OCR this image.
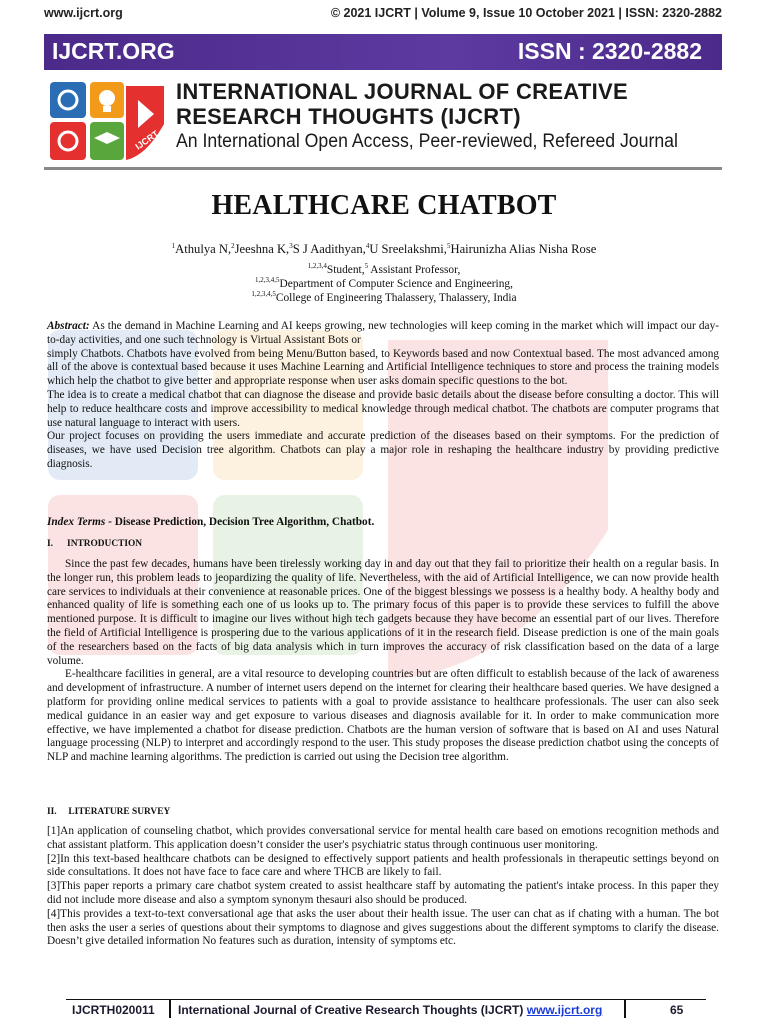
www.ijcrt.org	© 2021 IJCRT | Volume 9, Issue 10 October 2021 | ISSN: 2320-2882
IJCRT.ORG	ISSN : 2320-2882
IJCRT
INTERNATIONAL JOURNAL OF CREATIVE
RESEARCH THOUGHTS (IJCRT)
An International Open Access, Peer-reviewed, Refereed Journal
HEALTHCARE CHATBOT
$^1$Athulya N,$^2$Jeeshna K,$^3$S J Aadithyan,$^4$U Sreelakshmi,$^5$Hairunizha Alias Nisha Rose
$^{1,2,3,4}$Student,$^5$ Assistant Professor,
$^{1,2,3,4,5}$Department of Computer Science and Engineering,
$^{1,2,3,4,5}$College of Engineering Thalassery, Thalassery, India

Abstract: As the demand in Machine Learning and AI keeps growing, new technologies will keep coming in the market which will impact our day-to-day activities, and one such technology is Virtual Assistant Bots or

simply Chatbots. Chatbots have evolved from being Menu/Button based, to Keywords based and now Contextual based. The most advanced among all of the above is contextual based because it uses Machine Learning and Artificial Intelligence techniques to store and process the training models which help the chatbot to give better and appropriate response when user asks domain specific questions to the bot.

The idea is to create a medical chatbot that can diagnose the disease and provide basic details about the disease before consulting a doctor. This will help to reduce healthcare costs and improve accessibility to medical knowledge through medical chatbot. The chatbots are computer programs that use natural language to interact with users.

Our project focuses on providing the users immediate and accurate prediction of the diseases based on their symptoms. For the prediction of diseases, we have used Decision tree algorithm. Chatbots can play a major role in reshaping the healthcare industry by providing predictive diagnosis.

Index Terms - Disease Prediction, Decision Tree Algorithm, Chatbot.
I.      INTRODUCTION

Since the past few decades, humans have been tirelessly working day in and day out that they fail to prioritize their health on a regular basis. In the longer run, this problem leads to jeopardizing the quality of life. Nevertheless, with the aid of Artificial Intelligence, we can now provide health care services to individuals at their convenience at reasonable prices. One of the biggest blessings we possess is a healthy body. A healthy body and enhanced quality of life is something each one of us looks up to. The primary focus of this paper is to provide these services to fulfill the above mentioned purpose. It is difficult to imagine our lives without high tech gadgets because they have become an essential part of our lives. Therefore the field of Artificial Intelligence is prospering due to the various applications of it in the research field. Disease prediction is one of the main goals of the researchers based on the facts of big data analysis which in turn improves the accuracy of risk classification based on the data of a large volume.

E-healthcare facilities in general, are a vital resource to developing countries but are often difficult to establish because of the lack of awareness and development of infrastructure. A number of internet users depend on the internet for clearing their healthcare based queries. We have designed a platform for providing online medical services to patients with a goal to provide assistance to healthcare professionals. The user can also seek medical guidance in an easier way and get exposure to various diseases and diagnosis available for it. In order to make communication more effective, we have implemented a chatbot for disease prediction. Chatbots are the human version of software that is based on AI and uses Natural language processing (NLP) to interpret and accordingly respond to the user. This study proposes the disease prediction chatbot using the concepts of NLP and machine learning algorithms. The prediction is carried out using the Decision tree algorithm.

II.     LITERATURE SURVEY

[1]An application of counseling chatbot, which provides conversational service for mental health care based on emotions recognition methods and chat assistant platform. This application doesn’t consider the user's psychiatric status through continuous user monitoring.

[2]In this text-based healthcare chatbots can be designed to effectively support patients and health professionals in therapeutic settings beyond on side consultations. It does not have face to face care and where THCB are likely to fail.

[3]This paper reports a primary care chatbot system created to assist healthcare staff by automating the patient's intake process. In this paper they did not include more disease and also a symptom synonym thesauri also should be produced.

[4]This provides a text-to-text conversational age that asks the user about their health issue. The user can chat as if chating with a human. The bot then asks the user a series of questions about their symptoms to diagnose and gives suggestions about the different symptoms to clarify the disease. Doesn’t give detailed information No features such as duration, intensity of symptoms etc.

IJCRTH020011 International Journal of Creative Research Thoughts (IJCRT) www.ijcrt.org	65
